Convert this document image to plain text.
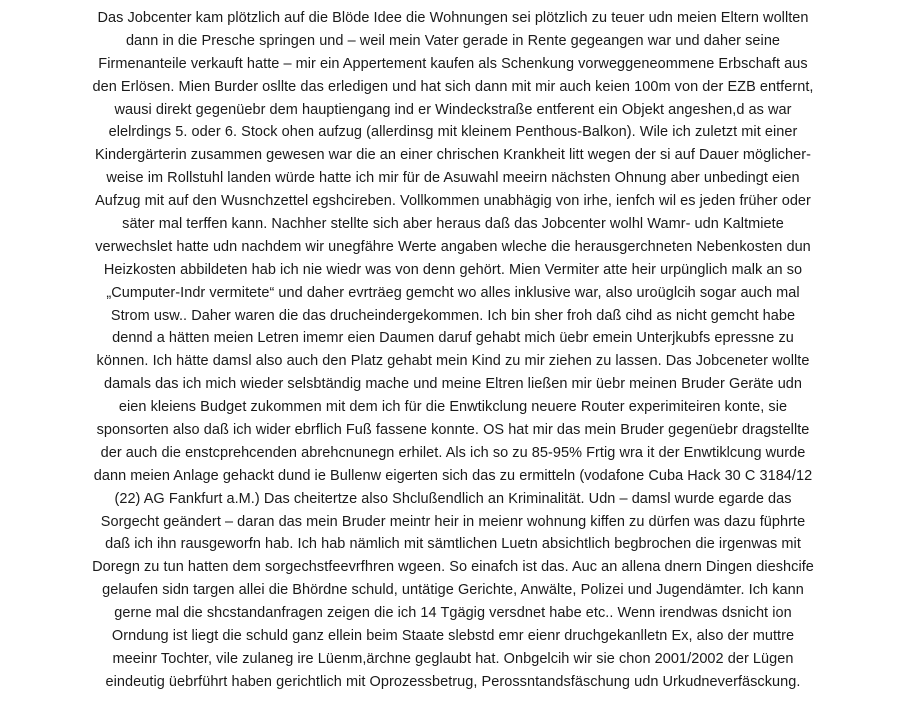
Das Jobcenter kam plötzlich auf die Blöde Idee die Wohnungen sei plötzlich zu teuer udn meien Eltern wollten
dann in die Presche springen und – weil mein Vater gerade in Rente gegeangen war und daher seine
Firmenanteile verkauft hatte – mir ein Appertement kaufen als Schenkung vorweggeneommene Erbschaft aus
den Erlösen. Mien Burder osllte das erledigen und hat sich dann mit mir auch keien 100m von der EZB entfernt,
wausi direkt gegenüebr dem hauptiengang ind er Windeckstraße entferent ein Objekt angeshen,d as war
elelrdings 5. oder 6. Stock ohen aufzug (allerdinsg mit kleinem Penthous-Balkon). Wile ich zuletzt mit einer
Kindergärterin zusammen gewesen war die an einer chrischen Krankheit litt wegen der si auf Dauer möglicher-
weise im Rollstuhl landen würde hatte ich mir für de Asuwahl meeirn nächsten Ohnung aber unbedingt eien
Aufzug mit auf den Wusnchzettel egshcireben. Vollkommen unabhägig von irhe, ienfch wil es jeden früher oder
säter mal terffen kann. Nachher stellte sich aber heraus daß das Jobcenter wolhl Wamr- udn Kaltmiete
verwechslet hatte udn nachdem wir unegfähre Werte angaben wleche die herausgerchneten Nebenkosten dun
Heizkosten abbildeten hab ich nie wiedr was von denn gehört. Mien Vermiter atte heir urpünglich malk an so
„Cumputer-Indr vermitete“ und daher evrträeg gemcht wo alles inklusive war, also uroüglcih sogar auch mal
Strom usw.. Daher waren die das drucheindergekommen. Ich bin sher froh daß cihd as nicht gemcht habe
dennd a hätten meien Letren imemr eien Daumen daruf gehabt mich üebr emein Unterjkubfs epressne zu
können. Ich hätte damsl also auch den Platz gehabt mein Kind zu mir ziehen zu lassen. Das Jobceneter wollte
damals das ich mich wieder selsbtändig mache und meine Eltren ließen mir üebr meinen Bruder Geräte udn
eien kleiens Budget zukommen mit dem ich für die Enwtikclung neuere Router experimiteiren konte, sie
sponsorten also daß ich wider ebrflich Fuß fassene konnte. OS hat mir das mein Bruder gegenüebr dragstellte
der auch die enstcprehcenden abrehcnunegn erhilet. Als ich so zu 85-95% Frtig wra it der Enwtiklcung wurde
dann meien Anlage gehackt dund ie Bullenw eigerten sich das zu ermitteln (vodafone Cuba Hack 30 C 3184/12
(22) AG Fankfurt a.M.) Das cheitertze also Shclußendlich an Kriminalität. Udn – damsl wurde egarde das
Sorgecht geändert – daran das mein Bruder meintr heir in meienr wohnung kiffen zu dürfen was dazu füphrte
daß ich ihn rausgeworfn hab. Ich hab nämlich mit sämtlichen Luetn absichtlich begbrochen die irgenwas mit
Doregn zu tun hatten dem sorgechstfeevrfhren wgeen. So einafch ist das. Auc an allena dnern Dingen dieshcife
gelaufen sidn targen allei die Bhördne schuld, untätige Gerichte, Anwälte, Polizei und Jugendämter. Ich kann
gerne mal die shcstandanfragen zeigen die ich 14 Tgägig versdnet habe etc.. Wenn irendwas dsnicht ion
Orndung ist liegt die schuld ganz ellein beim Staate slebstd emr eienr druchgekanlletn Ex, also der muttre
meeinr Tochter, vile zulaneg ire Lüenm,ärchne geglaubt hat. Onbgelcih wir sie chon 2001/2002 der Lügen
eindeutig üebrführt haben gerichtlich mit Oprozessbetrug, Perossntandsfäschung udn Urkudneverfäsckung.
